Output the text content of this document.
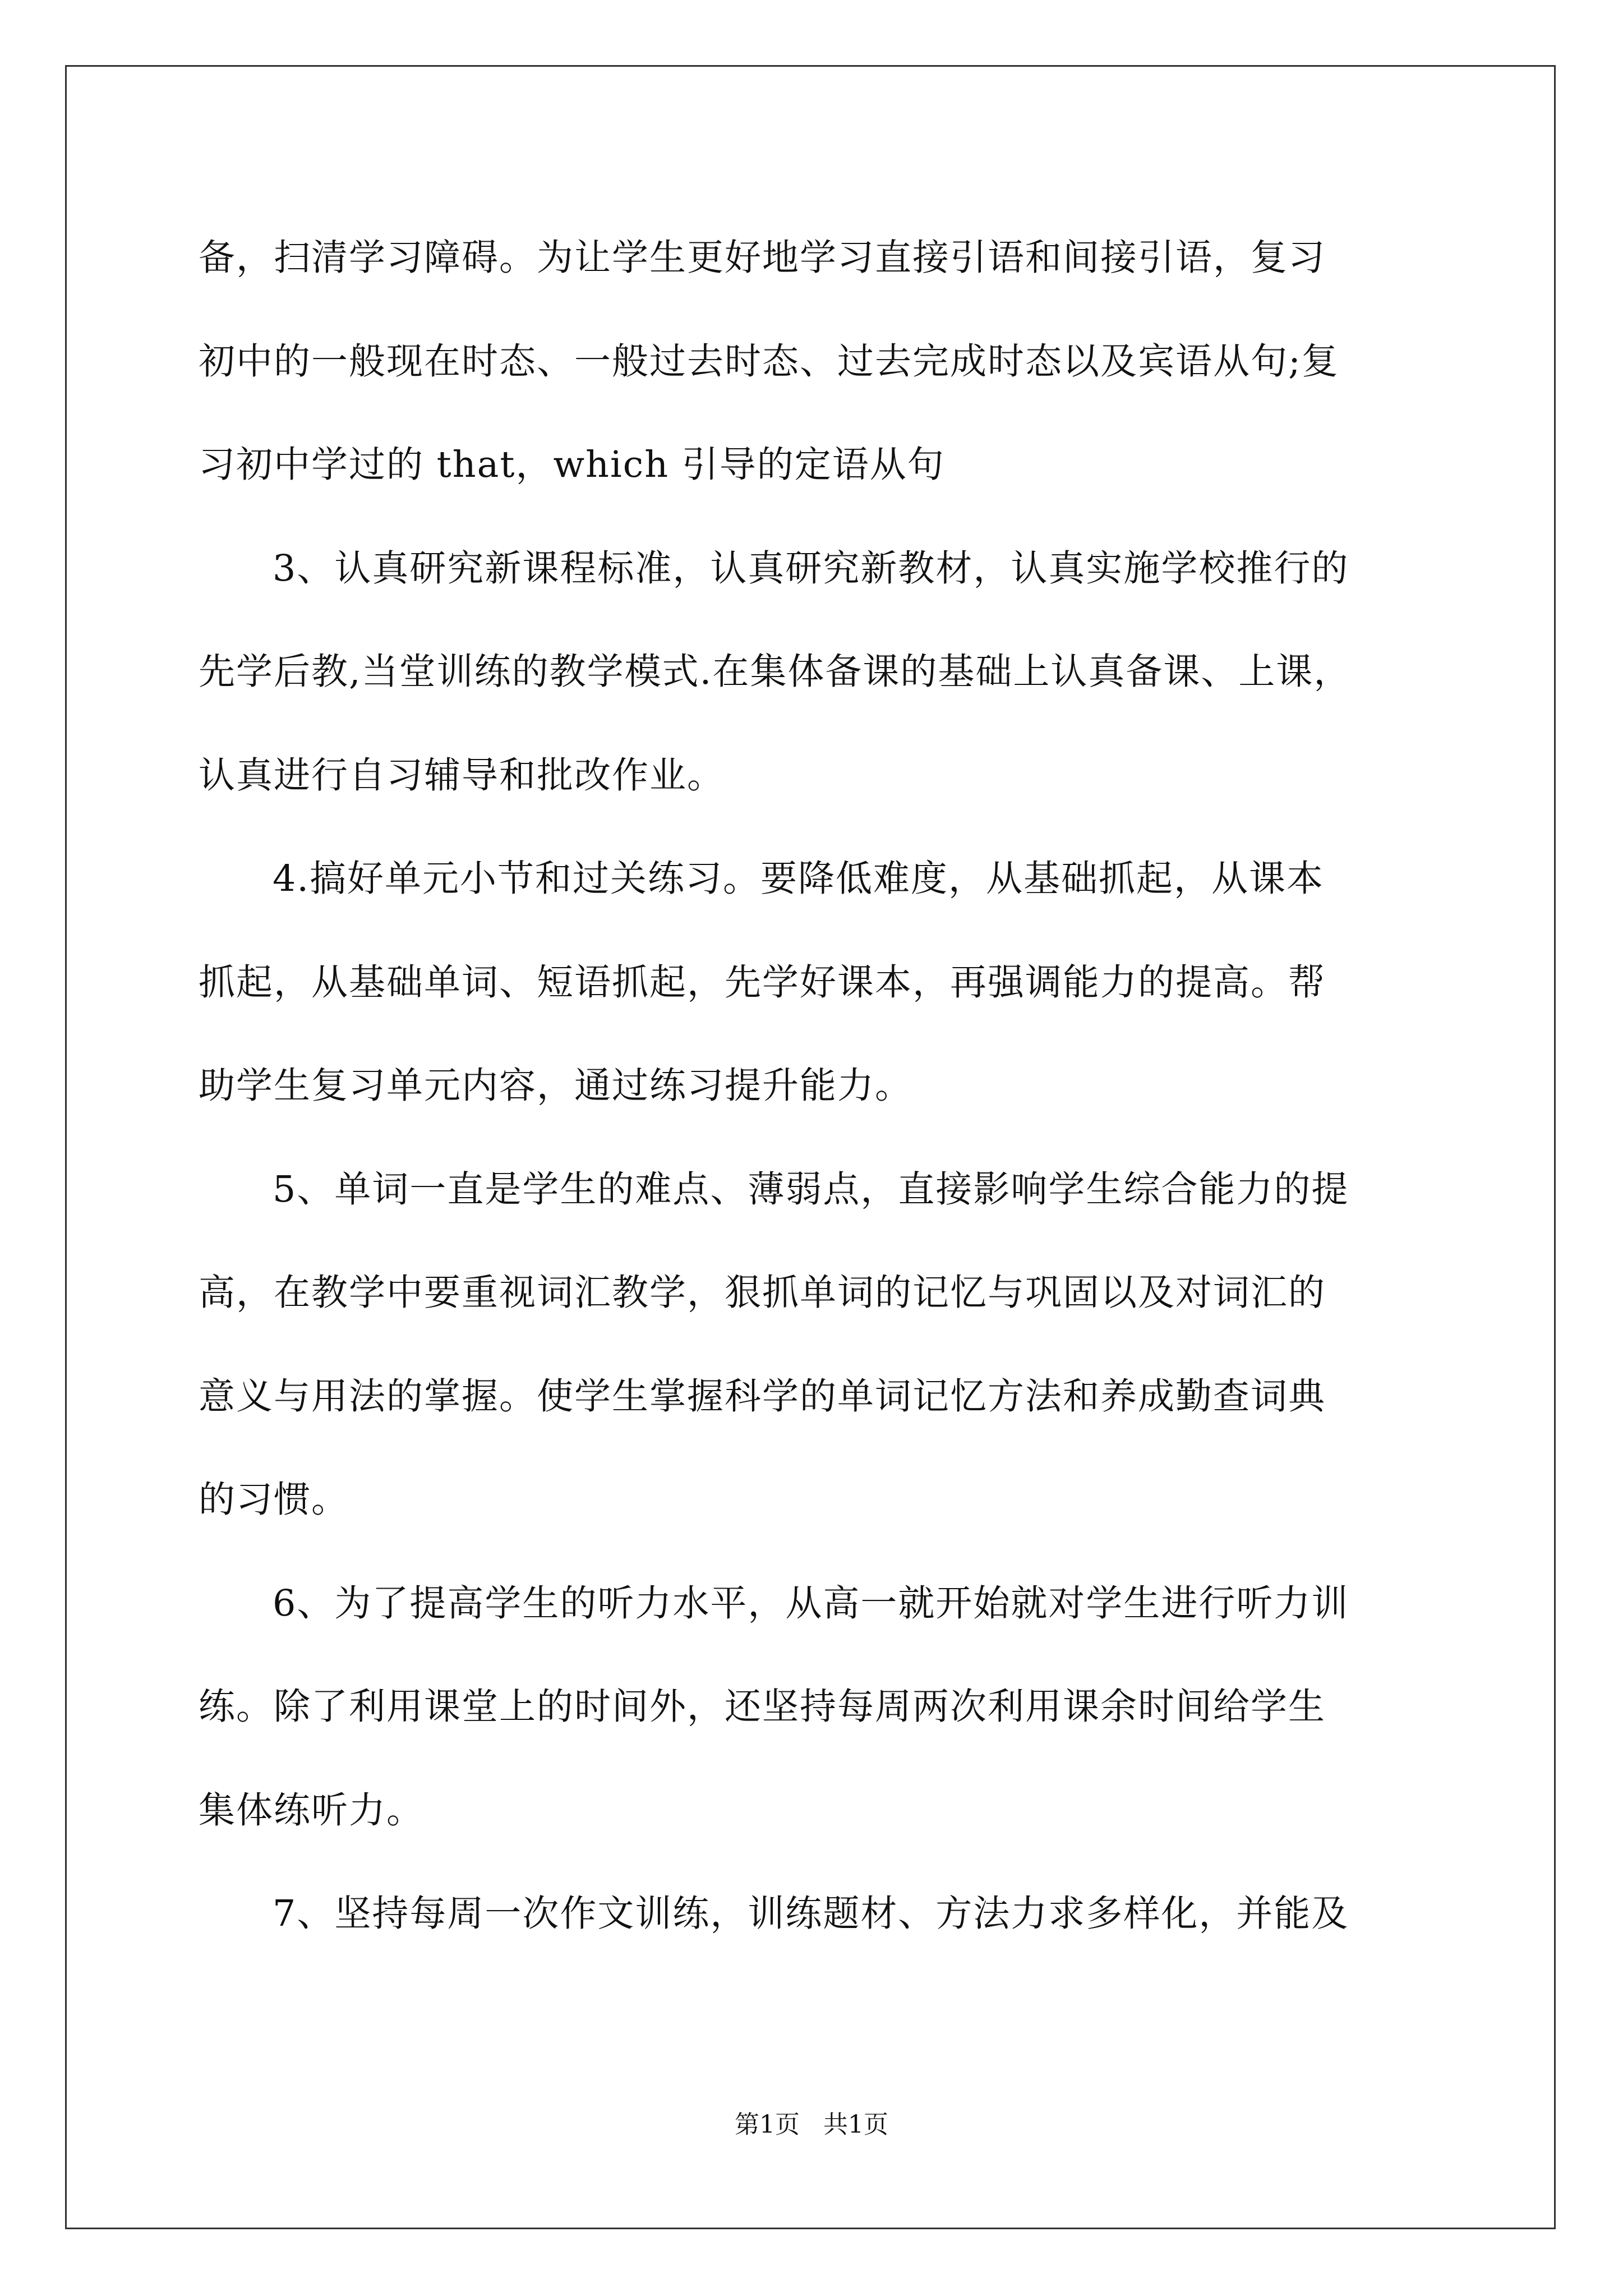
备，扫清学习障碍。为让学生更好地学习直接引语和间接引语，复习
初中的一般现在时态、一般过去时态、过去完成时态以及宾语从句;复
习初中学过的 that，which 引导的定语从句
3、认真研究新课程标准，认真研究新教材，认真实施学校推行的
先学后教,当堂训练的教学模式.在集体备课的基础上认真备课、上课，
认真进行自习辅导和批改作业。
4.搞好单元小节和过关练习。要降低难度，从基础抓起，从课本
抓起，从基础单词、短语抓起，先学好课本，再强调能力的提高。帮
助学生复习单元内容，通过练习提升能力。
5、单词一直是学生的难点、薄弱点，直接影响学生综合能力的提
高，在教学中要重视词汇教学，狠抓单词的记忆与巩固以及对词汇的
意义与用法的掌握。使学生掌握科学的单词记忆方法和养成勤查词典
的习惯。
6、为了提高学生的听力水平，从高一就开始就对学生进行听力训
练。除了利用课堂上的时间外，还坚持每周两次利用课余时间给学生
集体练听力。
7、坚持每周一次作文训练，训练题材、方法力求多样化，并能及
第1页   共1页
